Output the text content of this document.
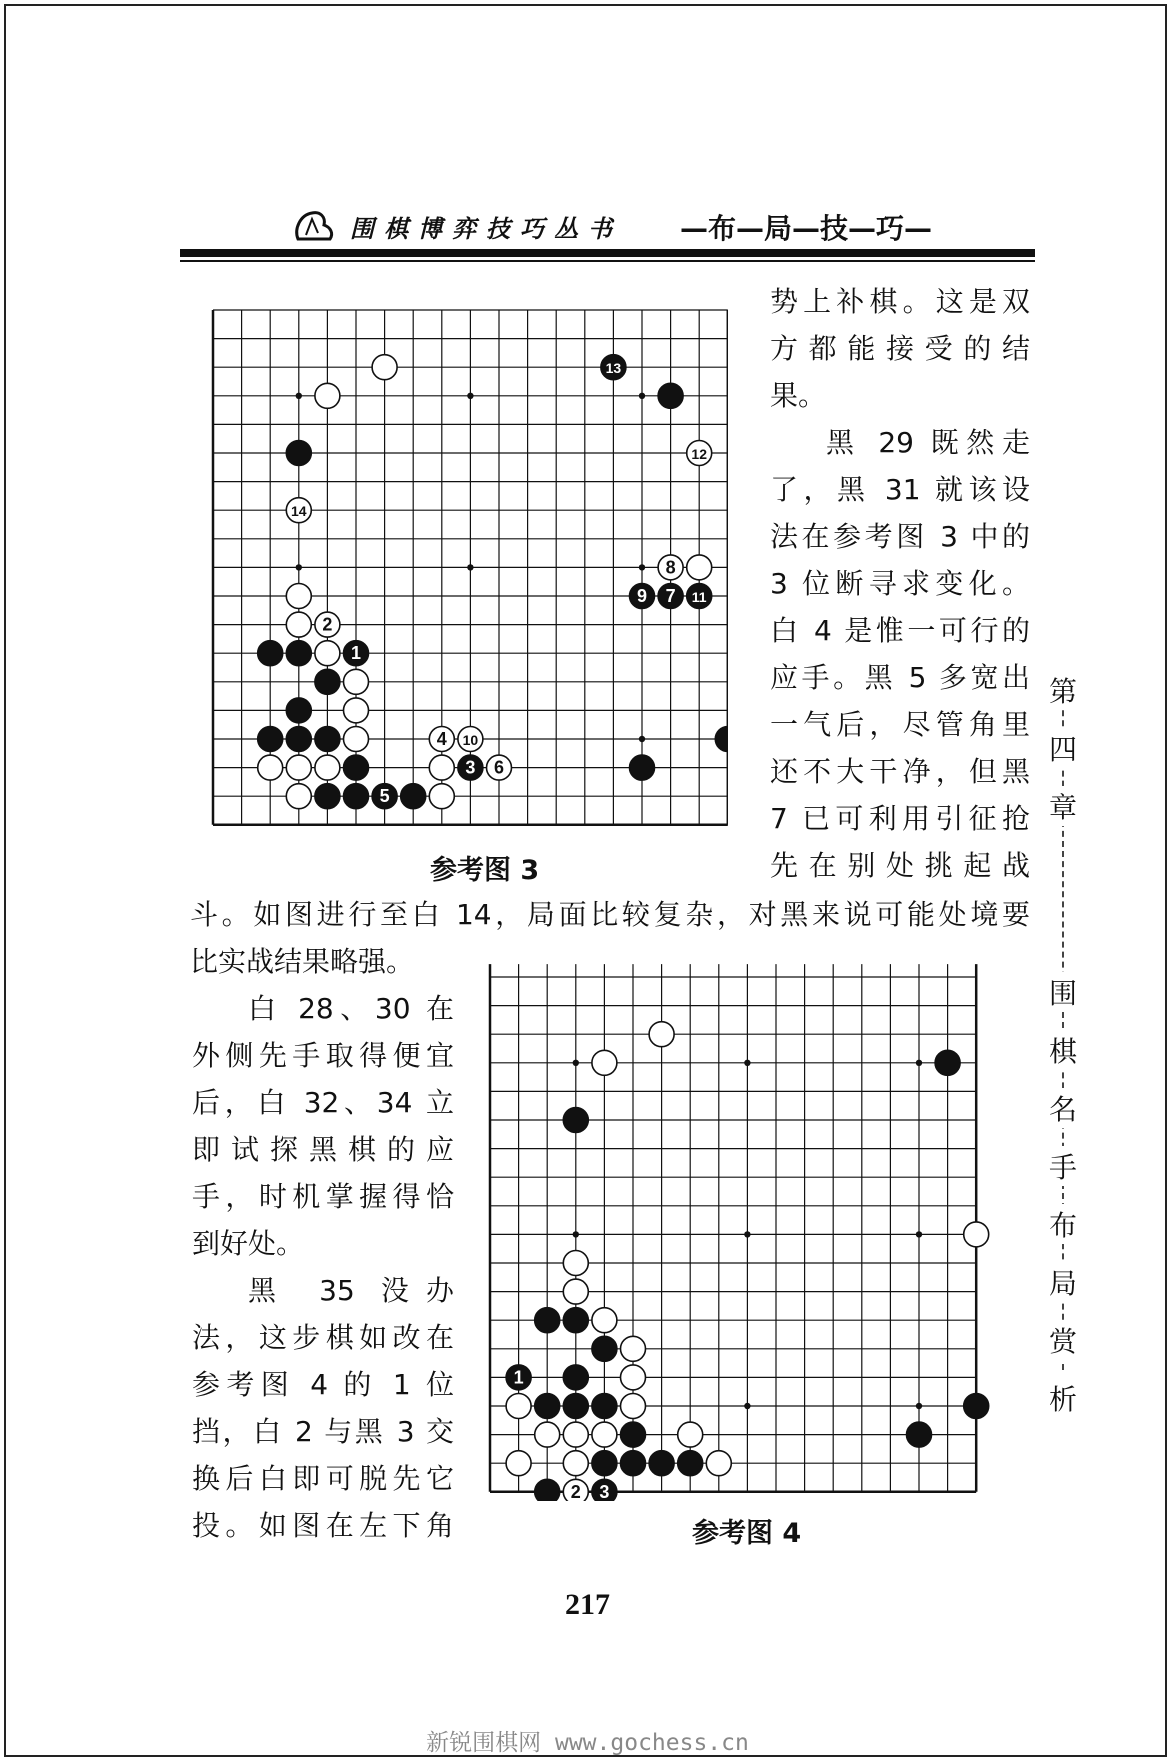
围棋博弈技巧丛书 —布—局—技—巧—
13
12
14
8
9 7 11
2
1
4 10
3 6
5
参考图 3

势上补棋。这是双

方都能接受的结

果。

黑 29 既然走

了，黑 31 就该设

法在参考图 3 中的

3 位断寻求变化。

白 4 是惟一可行的

应手。黑 5 多宽出

一气后，尽管角里

还不大干净，但黑

7 已可利用引征抢

先在别处挑起战

斗。如图进行至白 14，局面比较复杂，对黑来说可能处境要
比实战结果略强。

白 28、30 在

外侧先手取得便宜

后，白 32、34 立

即试探黑棋的应

手，时机掌握得恰

到好处。

黑 35 没办

法，这步棋如改在

参考图 4 的 1 位

挡，白 2 与黑 3 交

换后白即可脱先它

投。如图在左下角

1
2 3
参考图 4
第
四
章
围
棋
名
手
布
局
赏
析
217
新锐围棋网 www.gochess.cn
